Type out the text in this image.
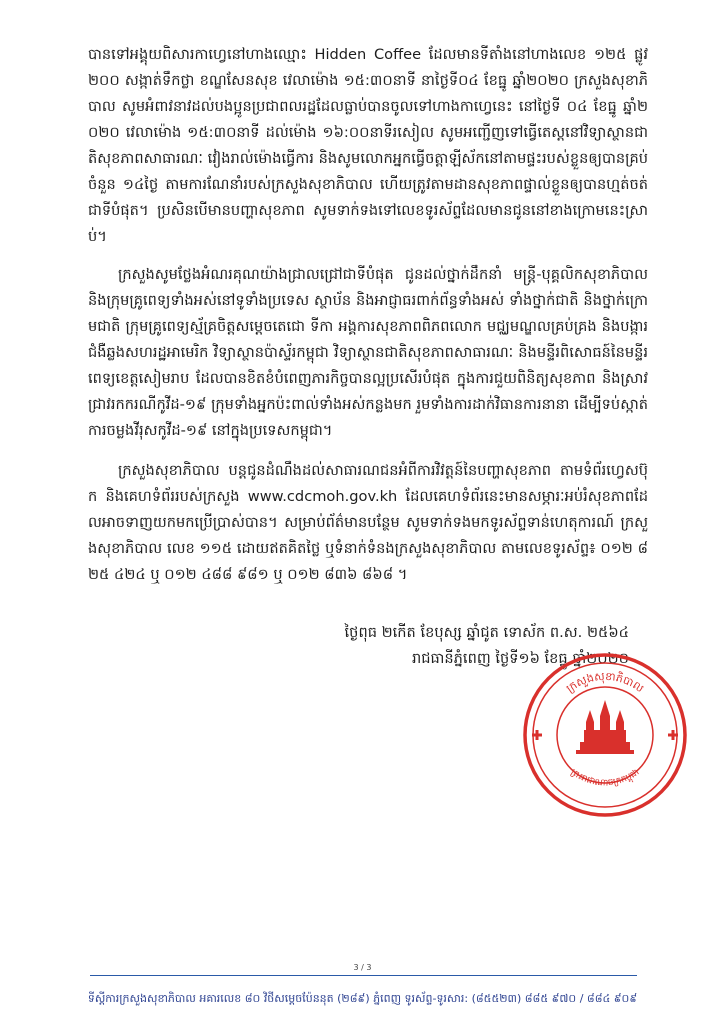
បានទៅអង្គុយពិសារកាហ្វេនៅហាងឈ្មោះ Hidden Coffee ដែលមានទីតាំងនៅហាងលេខ ១២៥ ផ្លូវ ២០០ សង្កាត់ទឹកថ្លា ខណ្ឌសែនសុខ វេលាម៉ោង ១៥:៣០នាទី នាថ្ងៃទី០៤ ខែធ្នូ ឆ្នាំ២០២០ ក្រសួងសុខាភិបាល សូមអំពាវនាវដល់បងប្អូនប្រជាពលរដ្ឋដែលធ្លាប់បានចូលទៅហាងកាហ្វេនេះ នៅថ្ងៃទី ០៤ ខែធ្នូ ឆ្នាំ២០២០ វេលាម៉ោង ១៥:៣០នាទី ដល់ម៉ោង ១៦:០០នាទីរសៀល សូមអញ្ជើញទៅធ្វើតេស្តនៅវិទ្យាស្ថានជាតិសុខភាពសាធារណៈ វៀងរាល់ម៉ោងធ្វើការ និងសូមលោកអ្នកធ្វើចត្តាឡីស័កនៅតាមផ្ទះរបស់ខ្លួនឲ្យបានគ្រប់ចំនួន ១៤ថ្ងៃ តាមការណែនាំរបស់ក្រសួងសុខាភិបាល ហើយត្រូវតាមដានសុខភាពផ្ទាល់ខ្លួនឲ្យបានហ្មត់ចត់ជាទីបំផុត។ ប្រសិនបើមានបញ្ហាសុខភាព សូមទាក់ទងទៅលេខទូរស័ព្ទដែលមានជូននៅខាងក្រោមនេះស្រាប់។

ក្រសួងសូមថ្លែងអំណរគុណយ៉ាងជ្រាលជ្រៅជាទីបំផុត ជូនដល់ថ្នាក់ដឹកនាំ មន្ត្រី-បុគ្គលិកសុខាភិបាល និងក្រុមគ្រូពេទ្យទាំងអស់នៅទូទាំងប្រទេស ស្ថាប័ន និងអាជ្ញាធរពាក់ព័ន្ធទាំងអស់ ទាំងថ្នាក់ជាតិ និងថ្នាក់ក្រោមជាតិ ក្រុមគ្រូពេទ្យស្ម័គ្រចិត្តសម្តេចតេជោ ទីកា អង្គការសុខភាពពិភពលោក មជ្ឈមណ្ឌលគ្រប់គ្រង និងបង្ការជំងឺឆ្លងសហរដ្ឋអាមេរិក វិទ្យាស្ថានប៉ាស្ទ័រកម្ពុជា វិទ្យាស្ថានជាតិសុខភាពសាធារណៈ និងមន្ទីរពិសោធន៍នៃមន្ទីរពេទ្យខេត្តសៀមរាប ដែលបានខិតខំបំពេញភារកិច្ចបានល្អប្រសើរបំផុត ក្នុងការជួយពិនិត្យសុខភាព និងស្រាវជ្រាវរកករណីកូវីដ-១៩ ក្រុមទាំងអ្នកប៉ះពាល់ទាំងអស់កន្លងមក រួមទាំងការដាក់វិធានការនានា ដើម្បីទប់ស្កាត់ការចម្លងវីរុសកូវីដ-១៩ នៅក្នុងប្រទេសកម្ពុជា។

ក្រសួងសុខាភិបាល បន្តជូនដំណឹងដល់សាធារណជនអំពីការវិវត្តន៍នៃបញ្ហាសុខភាព តាមទំព័រហ្វេសប៊ុក និងគេហទំព័ររបស់ក្រសួង www.cdcmoh.gov.kh ដែលគេហទំព័រនេះមានសម្ភារៈអប់រំសុខភាពដែលអាចទាញយកមកប្រើប្រាស់បាន។ សម្រាប់ព័ត៌មានបន្ថែម សូមទាក់ទងមកទូរស័ព្ទទាន់ហេតុការណ៍ ក្រសួងសុខាភិបាល លេខ ១១៥ ដោយឥតគិតថ្លៃ ឬទំនាក់ទំនងក្រសួងសុខាភិបាល តាមលេខទូរស័ព្ទ៖ ០១២ ៨២៥ ៤២៤ ឬ ០១២ ៤៨៨ ៩៨១ ឬ ០១២ ៨៣៦ ៨៦៨ ។

ថ្ងៃពុធ ២កើត ខែបុស្ស ឆ្នាំជូត ទោស័ក ព.ស. ២៥៦៤
រាជធានីភ្នំពេញ ថ្ងៃទី១៦ ខែធ្នូ ឆ្នាំ២០២០
ក្រសួងសុខាភិបាល
ព្រះរាជាណាចក្រកម្ពុជា
3 / 3
ទីស្តីការក្រសួងសុខាភិបាល អគារលេខ ៨០ វិថីសម្ដេចប៉ែននុត (២៨៩) ភ្នំពេញ ទូរស័ព្ទ-ទូរសារ: (៨៥៥២៣) ៨៨៥ ៩៧០ / ៨៨៤ ៩០៩
